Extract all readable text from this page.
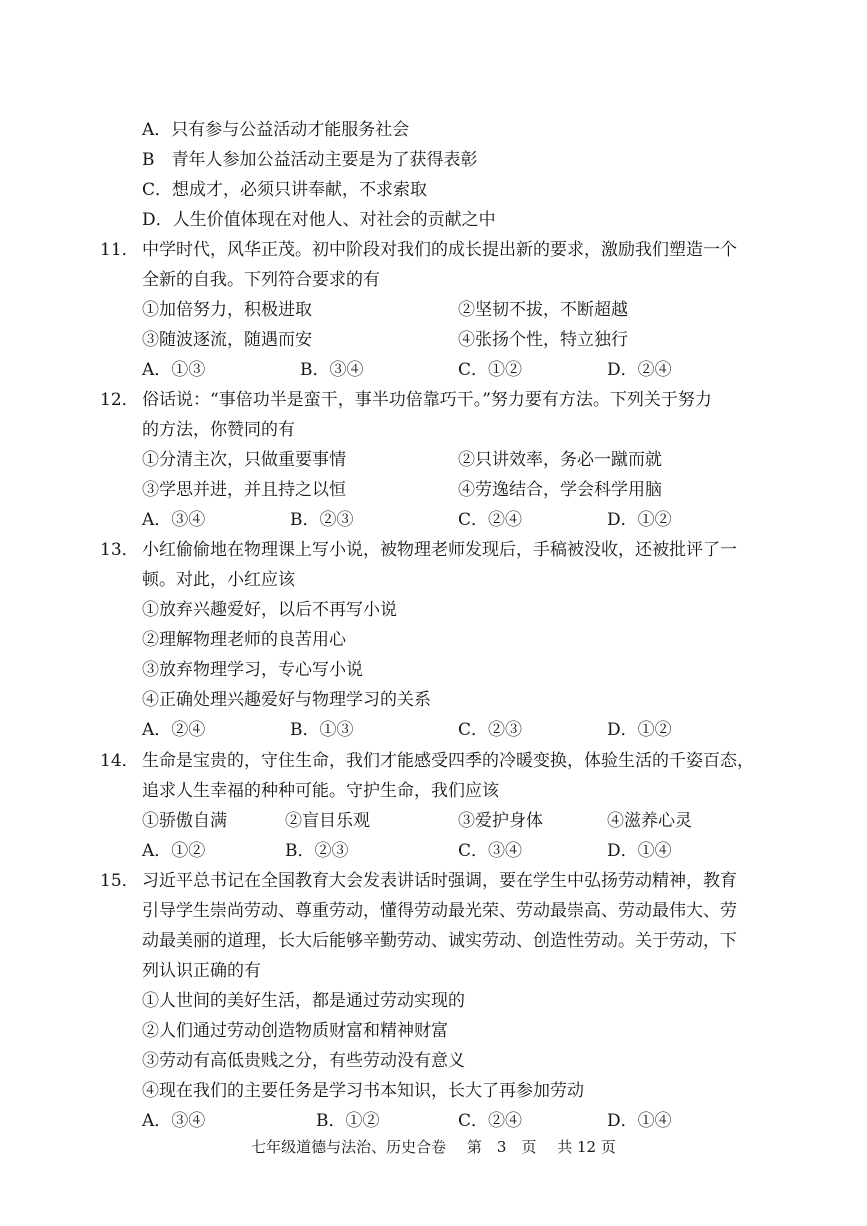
A．只有参与公益活动才能服务社会
B　青年人参加公益活动主要是为了获得表彰
C．想成才，必须只讲奉献，不求索取
D．人生价值体现在对他人、对社会的贡献之中
11． 中学时代，风华正茂。初中阶段对我们的成长提出新的要求，激励我们塑造一个
全新的自我。下列符合要求的有
①加倍努力，积极进取	②坚韧不拔，不断超越
③随波逐流，随遇而安	④张扬个性，特立独行
A．①③	B．③④	C．①②	D．②④
12． 俗话说：“事倍功半是蛮干，事半功倍靠巧干。”努力要有方法。下列关于努力
的方法，你赞同的有
①分清主次，只做重要事情	②只讲效率，务必一蹴而就
③学思并进，并且持之以恒	④劳逸结合，学会科学用脑
A．③④	B．②③	C．②④	D．①②
13． 小红偷偷地在物理课上写小说，被物理老师发现后，手稿被没收，还被批评了一
顿。对此，小红应该
①放弃兴趣爱好，以后不再写小说
②理解物理老师的良苦用心
③放弃物理学习，专心写小说
④正确处理兴趣爱好与物理学习的关系
A．②④	B．①③	C．②③	D．①②
14． 生命是宝贵的，守住生命，我们才能感受四季的冷暖变换，体验生活的千姿百态，
追求人生幸福的种种可能。守护生命，我们应该
①骄傲自满	②盲目乐观	③爱护身体	④滋养心灵
A．①②	B．②③	C．③④	D．①④
15． 习近平总书记在全国教育大会发表讲话时强调，要在学生中弘扬劳动精神，教育
引导学生崇尚劳动、尊重劳动，懂得劳动最光荣、劳动最崇高、劳动最伟大、劳
动最美丽的道理，长大后能够辛勤劳动、诚实劳动、创造性劳动。关于劳动，下
列认识正确的有
①人世间的美好生活，都是通过劳动实现的
②人们通过劳动创造物质财富和精神财富
③劳动有高低贵贱之分，有些劳动没有意义
④现在我们的主要任务是学习书本知识，长大了再参加劳动
A．③④	B．①②	C．②④	D．①④
七年级道德与法治、历史合卷 第　3　页 共 12 页
